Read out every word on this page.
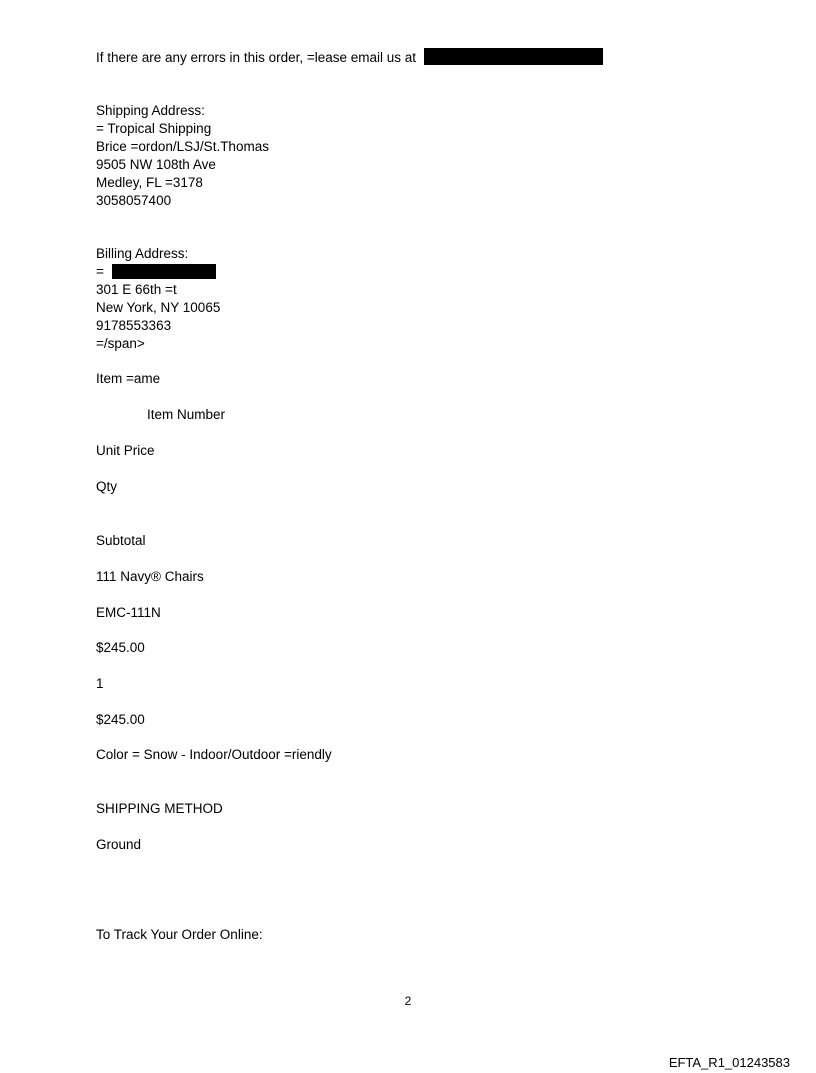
If there are any errors in this order, =lease email us at
Shipping Address:
= Tropical Shipping
Brice =ordon/LSJ/St.Thomas
9505 NW 108th Ave
Medley, FL =3178
3058057400
Billing Address:
=
301 E 66th =t
New York, NY 10065
9178553363
=/span>
Item =ame
Item Number
Unit Price
Qty
Subtotal
111 Navy® Chairs
EMC-111N
$245.00
1
$245.00
Color = Snow - Indoor/Outdoor =riendly
SHIPPING METHOD
Ground
To Track Your Order Online:
2
EFTA_R1_01243583
